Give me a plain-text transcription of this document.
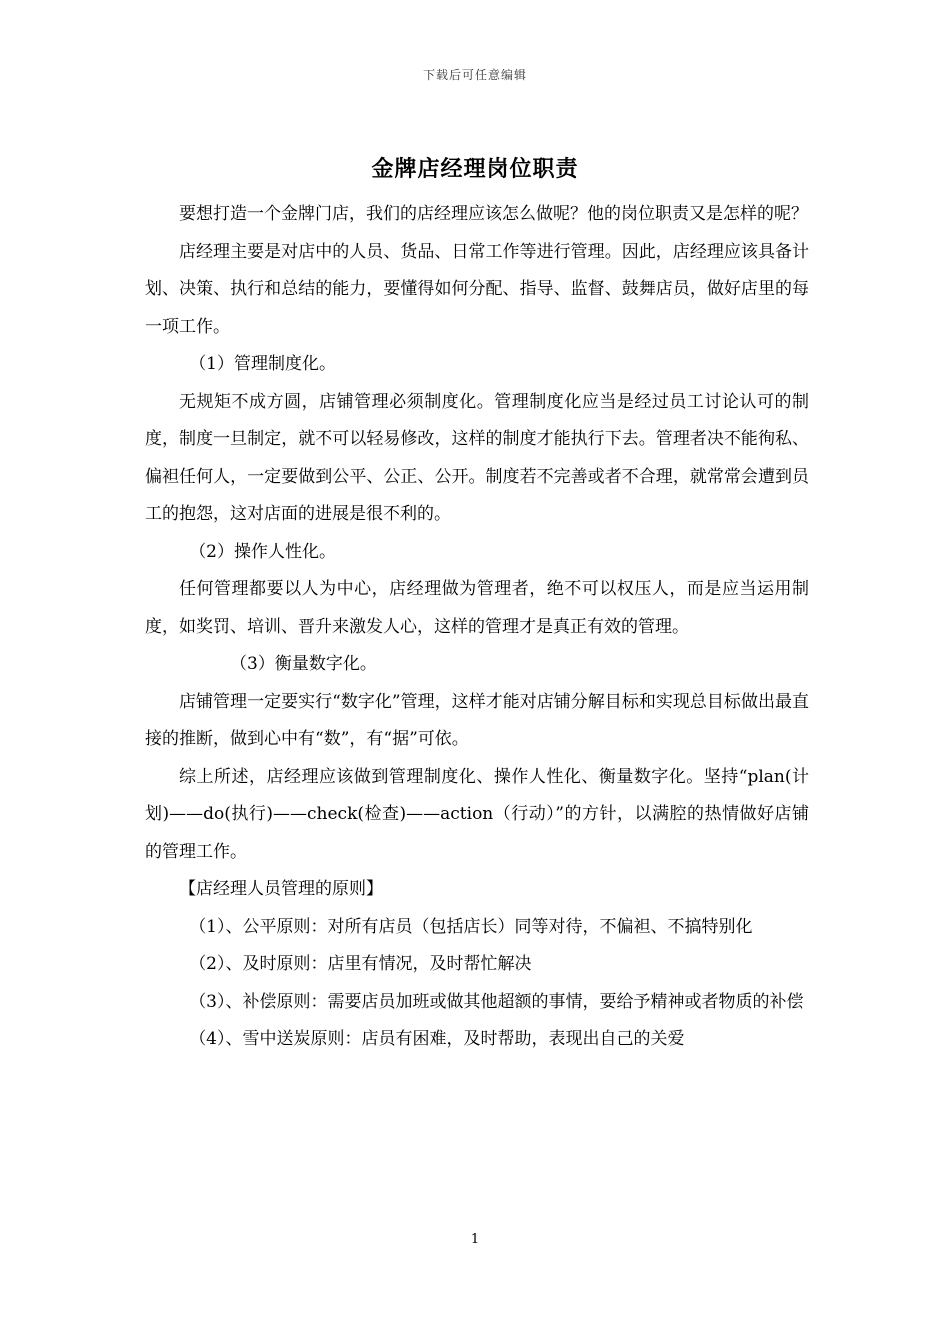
下载后可任意编辑
金牌店经理岗位职责

要想打造一个金牌门店，我们的店经理应该怎么做呢？他的岗位职责又是怎样的呢？

店经理主要是对店中的人员、货品、日常工作等进行管理。因此，店经理应该具备计划、决策、执行和总结的能力，要懂得如何分配、指导、监督、鼓舞店员，做好店里的每一项工作。

（1）管理制度化。

无规矩不成方圆，店铺管理必须制度化。管理制度化应当是经过员工讨论认可的制度，制度一旦制定，就不可以轻易修改，这样的制度才能执行下去。管理者决不能徇私、偏袒任何人，一定要做到公平、公正、公开。制度若不完善或者不合理，就常常会遭到员工的抱怨，这对店面的进展是很不利的。

（2）操作人性化。

任何管理都要以人为中心，店经理做为管理者，绝不可以权压人，而是应当运用制度，如奖罚、培训、晋升来激发人心，这样的管理才是真正有效的管理。

（3）衡量数字化。

店铺管理一定要实行“数字化”管理，这样才能对店铺分解目标和实现总目标做出最直接的推断，做到心中有“数”，有“据”可依。

综上所述，店经理应该做到管理制度化、操作人性化、衡量数字化。坚持“plan(计划)——do(执行)——check(检查)——action（行动）”的方针，以满腔的热情做好店铺的管理工作。

【店经理人员管理的原则】

（1）、公平原则：对所有店员（包括店长）同等对待，不偏袒、不搞特别化

（2）、及时原则：店里有情况，及时帮忙解决

（3）、补偿原则：需要店员加班或做其他超额的事情，要给予精神或者物质的补偿

（4）、雪中送炭原则：店员有困难，及时帮助，表现出自己的关爱

1
